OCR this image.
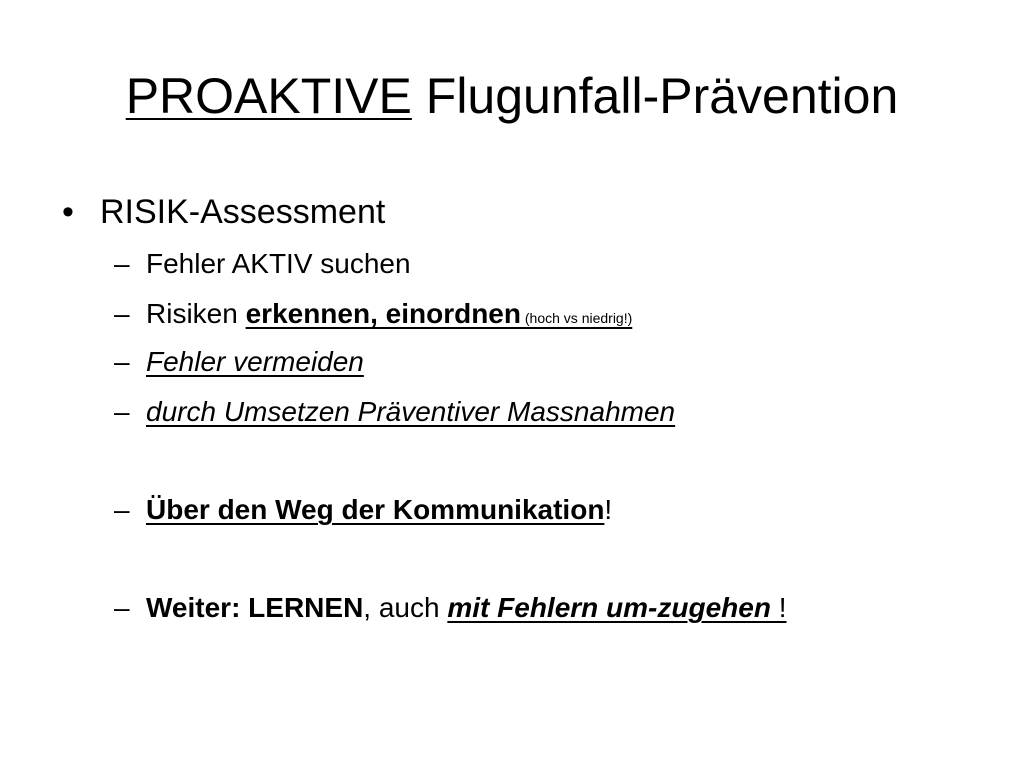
PROAKTIVE Flugunfall-Prävention
• RISIK-Assessment
– Fehler AKTIV suchen
– Risiken erkennen, einordnen (hoch vs niedrig!)
– Fehler vermeiden
– durch Umsetzen Präventiver Massnahmen
– Über den Weg der Kommunikation!
– Weiter: LERNEN, auch mit Fehlern um-zugehen !
